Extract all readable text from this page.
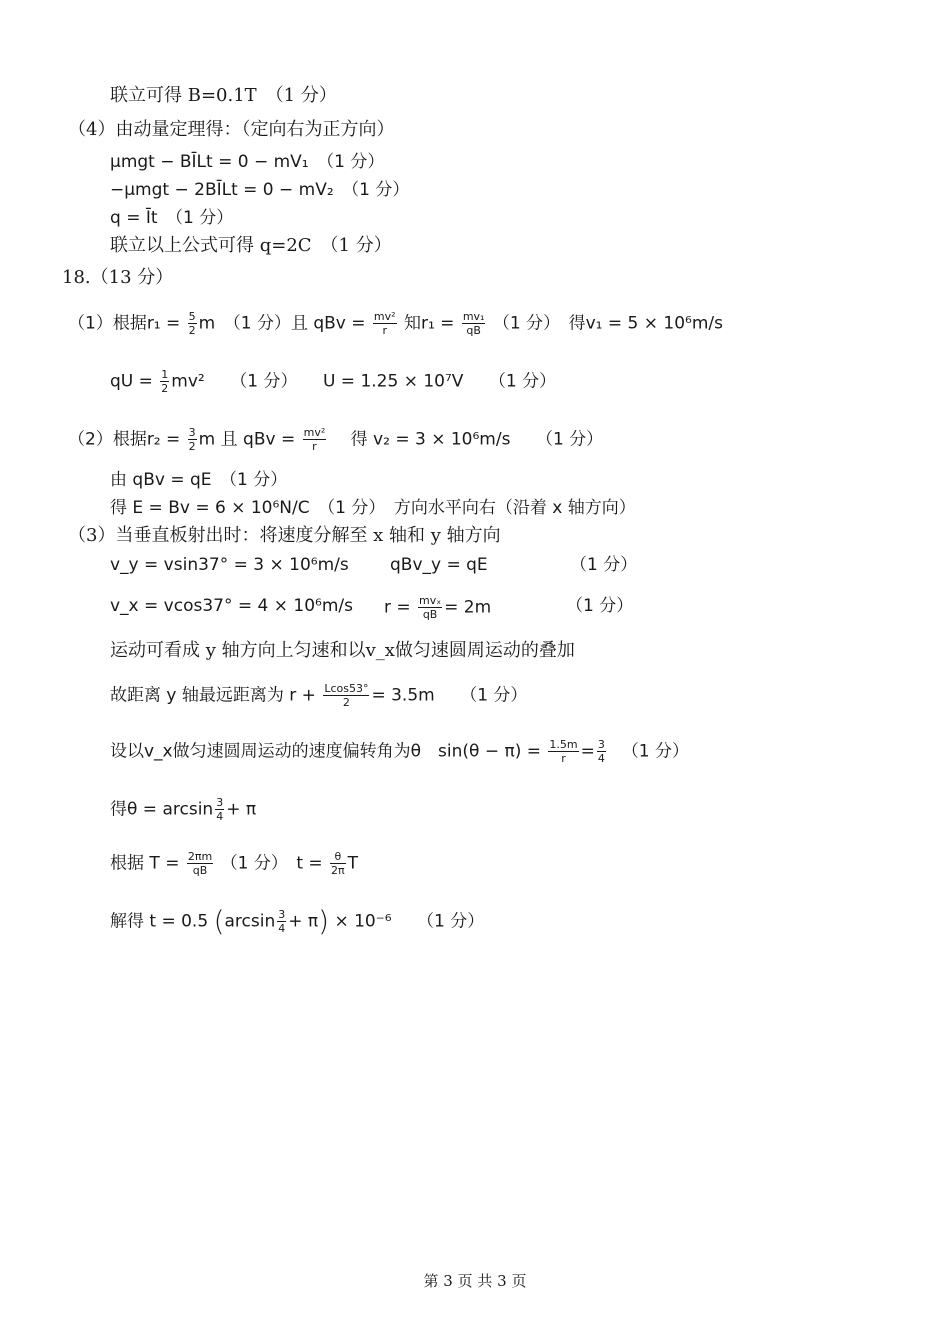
联立可得 B=0.1T　（1 分）
（4）由动量定理得：（定向右为正方向）
μmgt − BĪLt = 0 − mV₁　（1 分）
−μmgt − 2BĪLt = 0 − mV₂　（1 分）
q = Īt　（1 分）
联立以上公式可得 q=2C　（1 分）
18.（13 分）
（1）根据$r_1 = \frac{5}{2}$ m　（1 分）且 qBv = $\frac{\text{mv²}}{r}$ 知$r_1 = \frac{\text{mv₁}}{qB} (1$ 分）　得v₁ = 5 × 10⁶m/s
qU = $\frac{1}{2} mv^2$　　（1 分）　　U = 1.25 × 10⁷V　　（1 分）
（2）根据$r_2 = \frac{3}{2}$ m 且 qBv = $\frac{\text{mv²}}{r}$
　 得 v₂ = 3 × 10⁶m/s　　（1 分）
由 qBv = qE　（1 分）
得 E = Bv = 6 × 10⁶N/C　（1 分）　方向水平向右（沿着 x 轴方向）
（3）当垂直板射出时：将速度分解至 x 轴和 y 轴方向
v_y = vsin37° = 3 × 10⁶m/s qBv_y = qE	（1 分）
v_x = vcos37° = 4 × 10⁶m/s r = mvₓ
qB = 2m	（1 分）
运动可看成 y 轴方向上匀速和以v_x做匀速圆周运动的叠加
故距离 y 轴最远距离为 $r + \frac{Lcos53^\circ}{2} = 3.5m$　　（1 分）
设以v_x做匀速圆周运动的速度偏转角为θ　$\sin(\theta - \pi) = \frac{1.5m}{r} = \frac{3}{4}$
　 （1 分）
得$\theta = \arcsin \frac{3}{4} + \pi$
根据 $T = \frac{2\pi m}{qB} (1$ 分）　$t = \frac{\theta}{2\pi}$ T
解得 t = 0.5 $(\arcsin \frac{3}{4} + \pi) \times 10^{-6}$　　（1 分）
第 3 页 共 3 页
